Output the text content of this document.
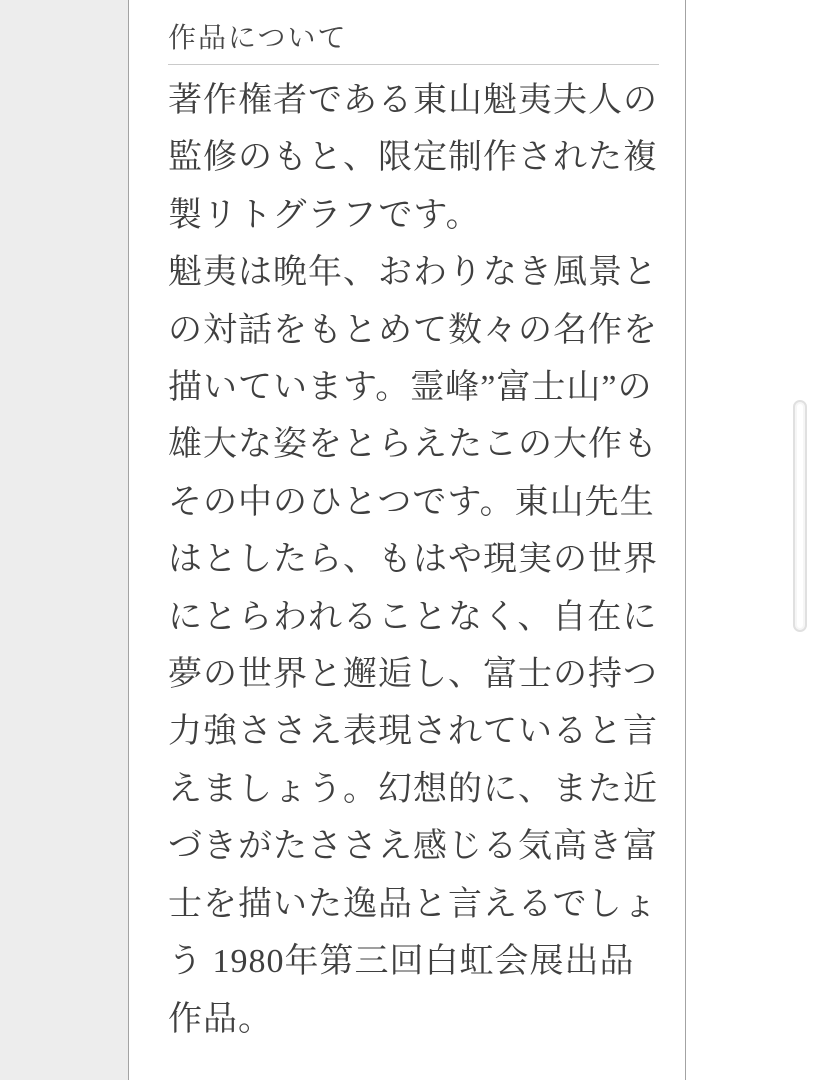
作品について
著作権者である東山魁夷夫人の
監修のもと、限定制作された複
製リトグラフです。
魁夷は晩年、おわりなき風景と
の対話をもとめて数々の名作を
描いています。霊峰”富士山”の
雄大な姿をとらえたこの大作も
その中のひとつです。東山先生
はとしたら、もはや現実の世界
にとらわれることなく、自在に
夢の世界と邂逅し、富士の持つ
力強ささえ表現されていると言
えましょう。幻想的に、また近
づきがたささえ感じる気高き富
士を描いた逸品と言えるでしょ
う 1980年第三回白虹会展出品
作品。
